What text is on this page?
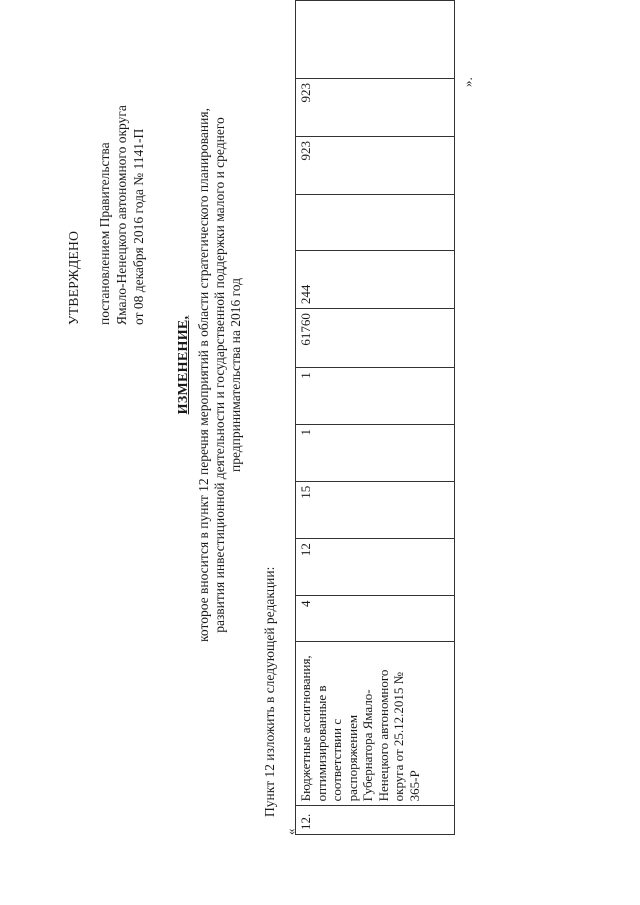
УТВЕРЖДЕНО постановлением Правительства Ямало-Ненецкого автономного округа от 08 декабря 2016 года № 1141-П
ИЗМЕНЕНИЕ, которое вносится в пункт 12 перечня мероприятий в области стратегического планирования, развития инвестиционной деятельности и государственной поддержки малого и среднего предпринимательства на 2016 год
Пункт 12 изложить в следующей редакции:
«
12.	Бюджетные ассигнования, оптимизированные в соответствии с распоряжением Губернатора Ямало-Ненецкого автономного округа от 25.12.2015 № 365-Р	4	12	15	1	1	61760	244		923	923	
».
